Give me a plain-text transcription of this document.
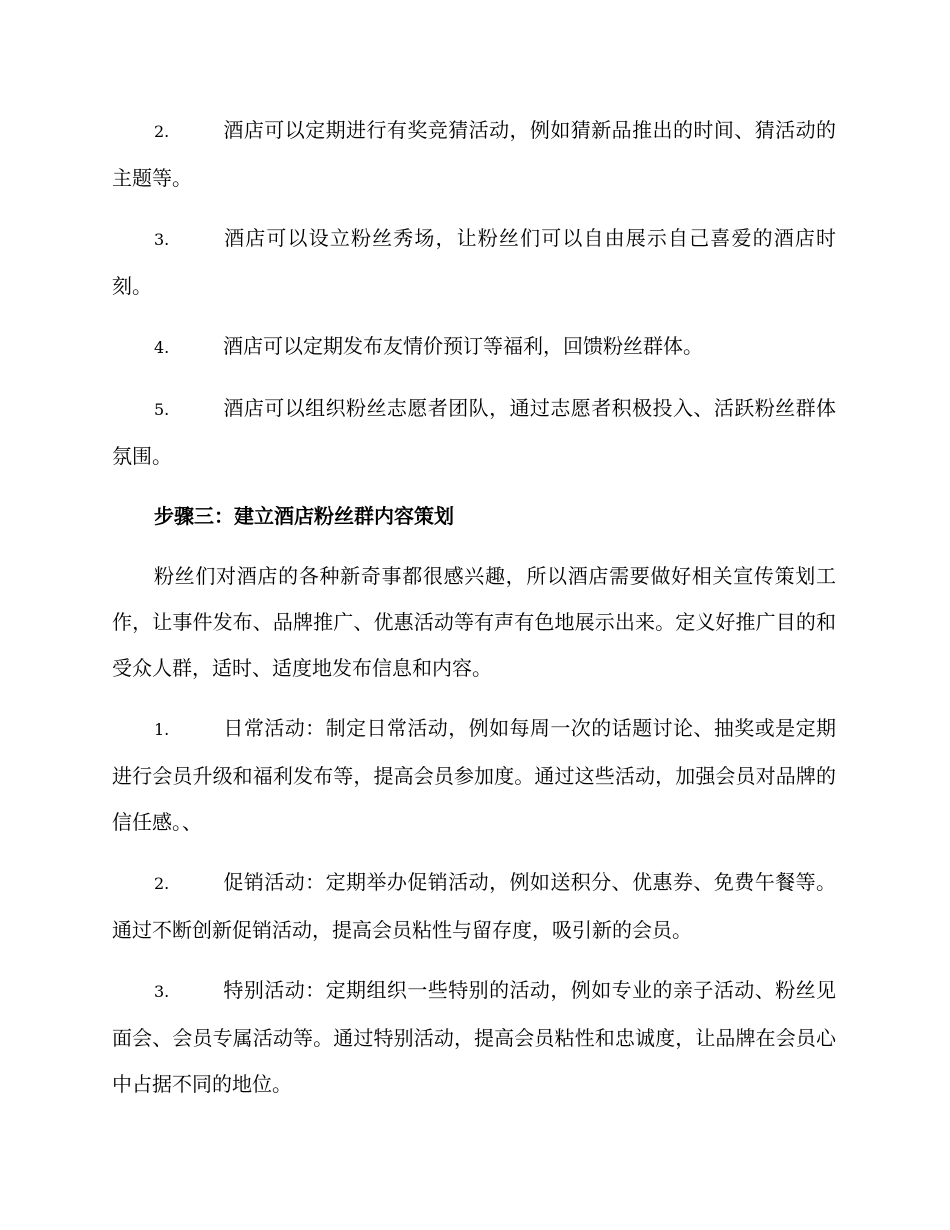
2.	酒店可以定期进行有奖竞猜活动，例如猜新品推出的时间、猜活动的主题等。

3.	酒店可以设立粉丝秀场，让粉丝们可以自由展示自己喜爱的酒店时刻。

4.	酒店可以定期发布友情价预订等福利，回馈粉丝群体。

5.	酒店可以组织粉丝志愿者团队，通过志愿者积极投入、活跃粉丝群体氛围。

步骤三：建立酒店粉丝群内容策划

粉丝们对酒店的各种新奇事都很感兴趣，所以酒店需要做好相关宣传策划工作，让事件发布、品牌推广、优惠活动等有声有色地展示出来。定义好推广目的和受众人群，适时、适度地发布信息和内容。

1.	日常活动：制定日常活动，例如每周一次的话题讨论、抽奖或是定期进行会员升级和福利发布等，提高会员参加度。通过这些活动，加强会员对品牌的信任感。、

2.	促销活动：定期举办促销活动，例如送积分、优惠券、免费午餐等。通过不断创新促销活动，提高会员粘性与留存度，吸引新的会员。

3.	特别活动：定期组织一些特别的活动，例如专业的亲子活动、粉丝见面会、会员专属活动等。通过特别活动，提高会员粘性和忠诚度，让品牌在会员心中占据不同的地位。
